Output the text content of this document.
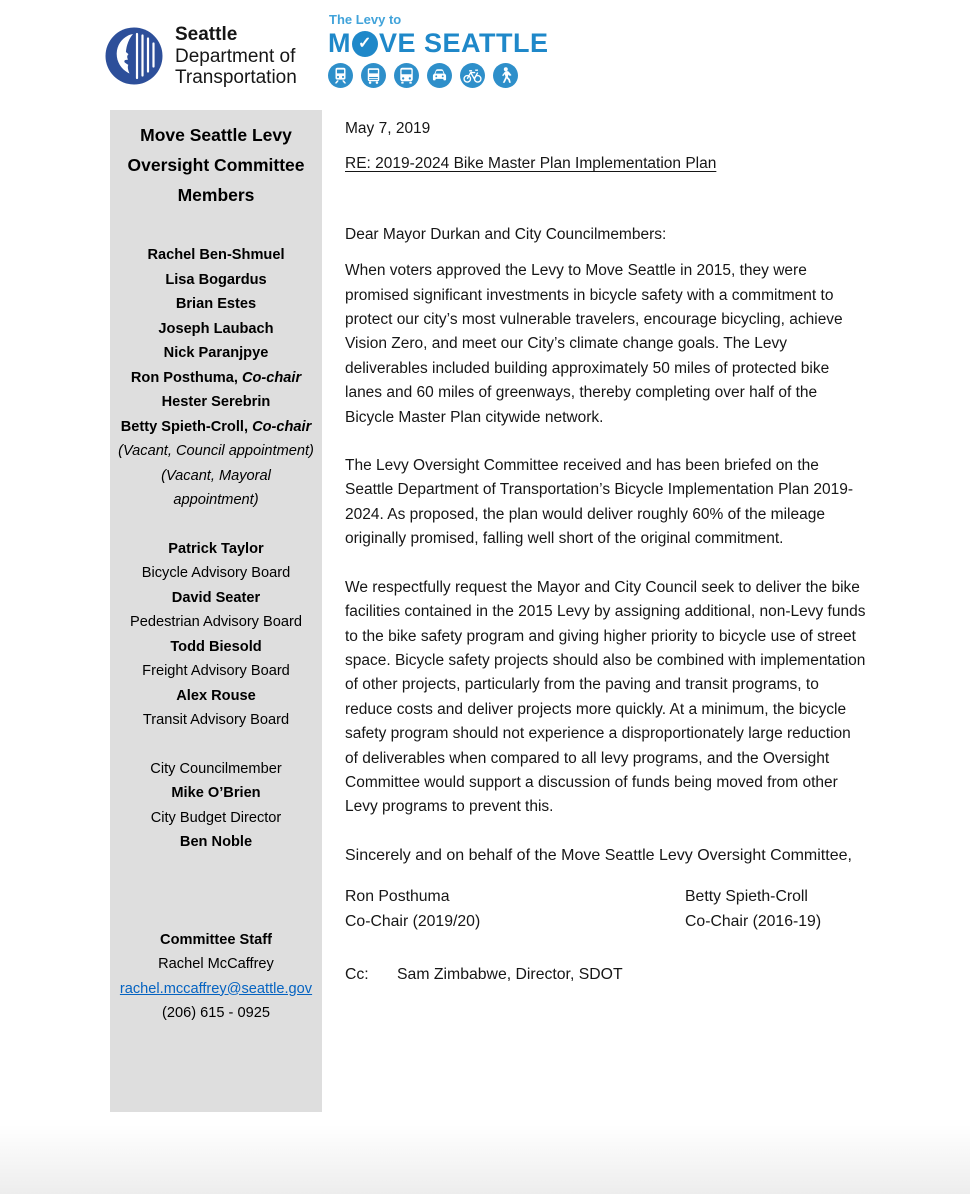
Seattle
Department of
Transportation
The Levy to
M ✓ VE SEATTLE
Move Seattle Levy Oversight Committee Members
Rachel Ben-Shmuel
Lisa Bogardus
Brian Estes
Joseph Laubach
Nick Paranjpye
Ron Posthuma, Co-chair
Hester Serebrin
Betty Spieth-Croll, Co-chair
(Vacant, Council appointment)
(Vacant, Mayoral
appointment)
Patrick Taylor
Bicycle Advisory Board
David Seater
Pedestrian Advisory Board
Todd Biesold
Freight Advisory Board
Alex Rouse
Transit Advisory Board
City Councilmember
Mike O’Brien
City Budget Director
Ben Noble
Committee Staff
Rachel McCaffrey
rachel.mccaffrey@seattle.gov
(206) 615 - 0925

May 7, 2019

RE: 2019-2024 Bike Master Plan Implementation Plan

Dear Mayor Durkan and City Councilmembers:

When voters approved the Levy to Move Seattle in 2015, they were promised significant investments in bicycle safety with a commitment to protect our city’s most vulnerable travelers, encourage bicycling, achieve Vision Zero, and meet our City’s climate change goals. The Levy deliverables included building approximately 50 miles of protected bike lanes and 60 miles of greenways, thereby completing over half of the Bicycle Master Plan citywide network.

The Levy Oversight Committee received and has been briefed on the Seattle Department of Transportation’s Bicycle Implementation Plan 2019-2024. As proposed, the plan would deliver roughly 60% of the mileage originally promised, falling well short of the original commitment.

We respectfully request the Mayor and City Council seek to deliver the bike facilities contained in the 2015 Levy by assigning additional, non-Levy funds to the bike safety program and giving higher priority to bicycle use of street space. Bicycle safety projects should also be combined with implementation of other projects, particularly from the paving and transit programs, to reduce costs and deliver projects more quickly. At a minimum, the bicycle safety program should not experience a disproportionately large reduction of deliverables when compared to all levy programs, and the Oversight Committee would support a discussion of funds being moved from other Levy programs to prevent this.

Sincerely and on behalf of the Move Seattle Levy Oversight Committee,

Ron Posthuma
Co-Chair (2019/20)
Betty Spieth-Croll
Co-Chair (2016-19)
Cc: Sam Zimbabwe, Director, SDOT
